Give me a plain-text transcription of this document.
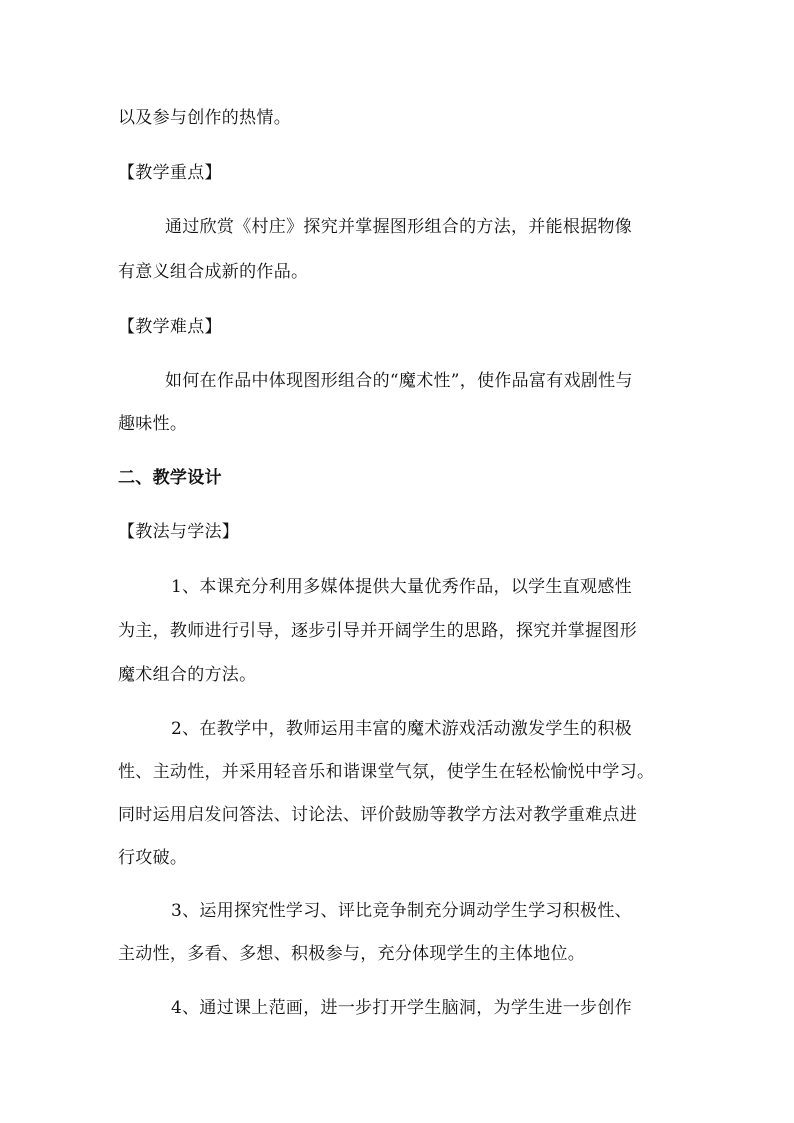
以及参与创作的热情。
【教学重点】
通过欣赏《村庄》探究并掌握图形组合的方法，并能根据物像
有意义组合成新的作品。
【教学难点】
如何在作品中体现图形组合的“魔术性”，使作品富有戏剧性与
趣味性。
二、教学设计
【教法与学法】
1、本课充分利用多媒体提供大量优秀作品，以学生直观感性
为主，教师进行引导，逐步引导并开阔学生的思路，探究并掌握图形
魔术组合的方法。
2、在教学中，教师运用丰富的魔术游戏活动激发学生的积极
性、主动性，并采用轻音乐和谐课堂气氛，使学生在轻松愉悦中学习。
同时运用启发问答法、讨论法、评价鼓励等教学方法对教学重难点进
行攻破。
3、运用探究性学习、评比竞争制充分调动学生学习积极性、
主动性，多看、多想、积极参与，充分体现学生的主体地位。
4、通过课上范画，进一步打开学生脑洞，为学生进一步创作
